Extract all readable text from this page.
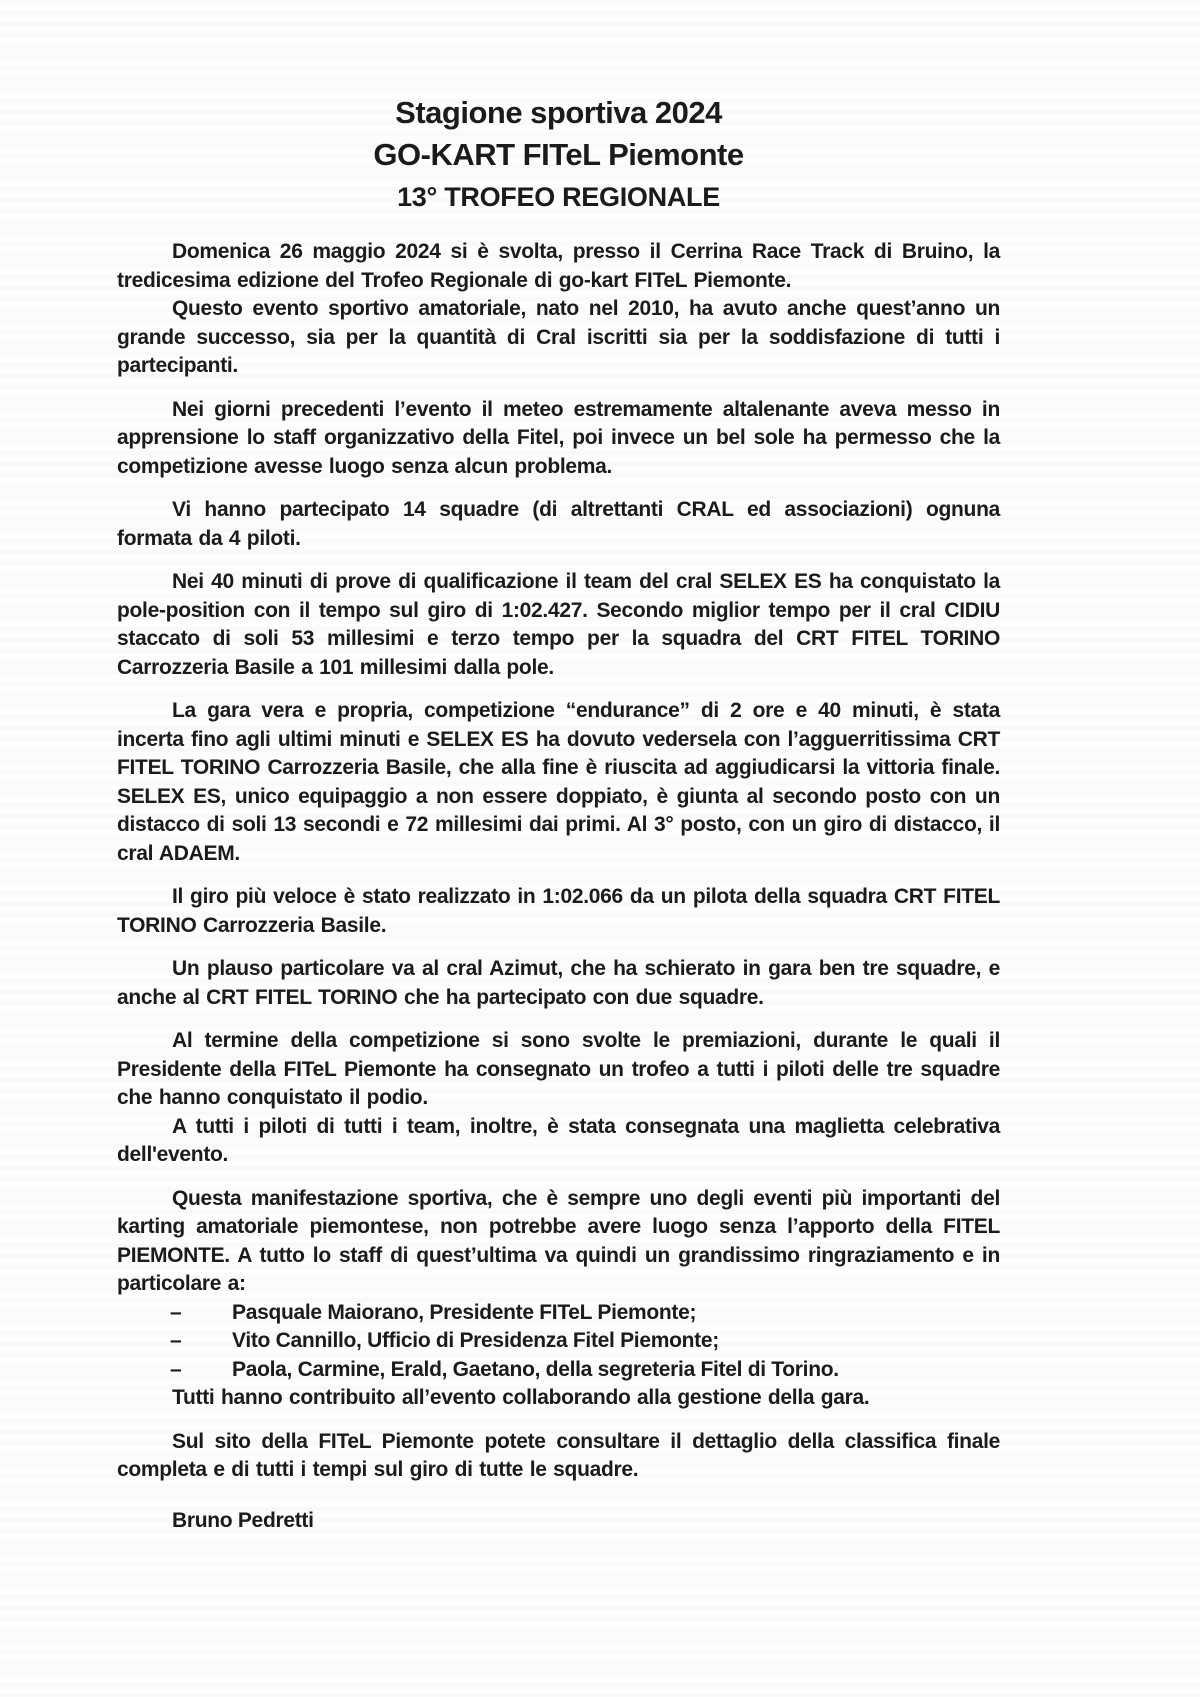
Stagione sportiva 2024
GO-KART FITeL Piemonte
13° TROFEO REGIONALE

Domenica 26 maggio 2024 si è svolta, presso il Cerrina Race Track di Bruino, la tredicesima edizione del Trofeo Regionale di go-kart FITeL Piemonte.

Questo evento sportivo amatoriale, nato nel 2010, ha avuto anche quest’anno un grande successo, sia per la quantità di Cral iscritti sia per la soddisfazione di tutti i partecipanti.

Nei giorni precedenti l’evento il meteo estremamente altalenante aveva messo in apprensione lo staff organizzativo della Fitel, poi invece un bel sole ha permesso che la competizione avesse luogo senza alcun problema.

Vi hanno partecipato 14 squadre (di altrettanti CRAL ed associazioni) ognuna formata da 4 piloti.

Nei 40 minuti di prove di qualificazione il team del cral SELEX ES ha conquistato la pole-position con il tempo sul giro di 1:02.427. Secondo miglior tempo per il cral CIDIU staccato di soli 53 millesimi e terzo tempo per la squadra del CRT FITEL TORINO Carrozzeria Basile a 101 millesimi dalla pole.

La gara vera e propria, competizione “endurance” di 2 ore e 40 minuti, è stata incerta fino agli ultimi minuti e SELEX ES ha dovuto vedersela con l’agguerritissima CRT FITEL TORINO Carrozzeria Basile, che alla fine è riuscita ad aggiudicarsi la vittoria finale. SELEX ES, unico equipaggio a non essere doppiato, è giunta al secondo posto con un distacco di soli 13 secondi e 72 millesimi dai primi. Al 3° posto, con un giro di distacco, il cral ADAEM.

Il giro più veloce è stato realizzato in 1:02.066 da un pilota della squadra CRT FITEL TORINO Carrozzeria Basile.

Un plauso particolare va al cral Azimut, che ha schierato in gara ben tre squadre, e anche al CRT FITEL TORINO che ha partecipato con due squadre.

Al termine della competizione si sono svolte le premiazioni, durante le quali il Presidente della FITeL Piemonte ha consegnato un trofeo a tutti i piloti delle tre squadre che hanno conquistato il podio.

A tutti i piloti di tutti i team, inoltre, è stata consegnata una maglietta celebrativa dell'evento.

Questa manifestazione sportiva, che è sempre uno degli eventi più importanti del karting amatoriale piemontese, non potrebbe avere luogo senza l’apporto della FITEL PIEMONTE. A tutto lo staff di quest’ultima va quindi un grandissimo ringraziamento e in particolare a:

–	Pasquale Maiorano, Presidente FITeL Piemonte;
–	Vito Cannillo, Ufficio di Presidenza Fitel Piemonte;
–	Paola, Carmine, Erald, Gaetano, della segreteria Fitel di Torino.

Tutti hanno contribuito all’evento collaborando alla gestione della gara.

Sul sito della FITeL Piemonte potete consultare il dettaglio della classifica finale completa e di tutti i tempi sul giro di tutte le squadre.

Bruno Pedretti
